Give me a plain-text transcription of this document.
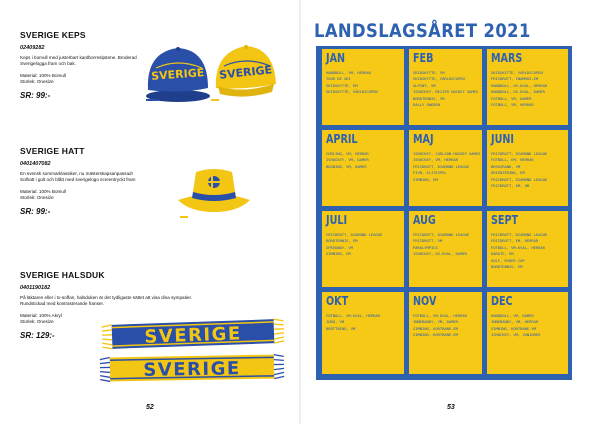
SVERIGE KEPS
02409282
Keps i bomull med justerbart kardborreslpänne. Broderad Sverigelogga fram och bak.
Material: 100% Bomull
Storlek: Onesize
SR: 99:-
SVERIGE SVERIGE
SVERIGE HATT
0401407082
En svensk sommarklassiker, nu mästerskapsanpassad! Solhatt i gult och blått med sverigelogo screentryckt fram
Material: 100% Bomull
Storlek: Onesize
SR: 99:-
SVERIGE HALSDUK
0401190182
På läktaren eller i tv-soffan, halsduken är det tydligaste sättet att visa dina sympatier. Rundstickad med kontrasterande franser.
Material: 100% Akryl
Storlek: Onesize
SR: 129:-	SVERIGE
SVERIGE
52
LANDSLAGSÅRET 2021
JAN
HANDBOLL, VM, HERRAR
TOUR DE SKI
SKIDSKYTTE, EM
SKIDSKYTTE, VÄRLDSCUPEN
FEB
SKIDSKYTTE, VM
SKIDSKYTTE, VÄRLDSCUPEN
ALPINT, VM
ISHOCKEY, BEIJER HOCKEY GAMES
BORDTENNIS, VM
RALLY SWEDEN
MARS
SKIDSKYTTE, VÄRLDSCUPEN
FRIIDROTT, INOMHUS-EM
HANDBOLL, OS-KVAL, HERRAR
HANDBOLL, OS-KVAL, DAMER
FOTBOLL, VM, DAMER
FOTBOLL, VM, HERRAR
APRIL
CURLING, VM, HERRAR
ISHOCKEY, VM, DAMER
BOXNING, VM, DAMER
MAJ
ISHOCKEY, CARLSON HOCKEY GAMES
ISHOCKEY, VM, HERRAR
FRIIDROTT, DIAMOND LEAGUE
FIVB, ELITESPEL
SIMNING, EM
JUNI
FRIIDROTT, DIAMOND LEAGUE
FOTBOLL, EM, HERRAR
BERGSRAND, VM
ORIENTERING, EM
FRIIDROTT, DIAMOND LEAGUE
FRIIDROTT, EM, OM
JULI
FRIIDROTT, DIAMOND LEAGUE
BORDTENNIS, EM
SPEEDWAY, VM
SIMNING, EM
AUG
FRIIDROTT, DIAMOND LEAGUE
FRIIDROTT, VM
PARALYMPICS
ISHOCKEY, OS-KVAL, DAMER
SEPT
FRIIDROTT, DIAMOND LEAGUE
FRIIDROTT, EM, HERRAR
FOTBOLL, VM-KVAL, HERRAR
KARATE, EM
GOLF, RYDER CUP
BORDTENNIS, EM
OKT
FOTBOLL, VM-KVAL, HERRAR
JUDO, VM
BRÖTTNING, VM
NOV
FOTBOLL, VM-KVAL, HERRAR
INNEBANDY, VM, DAMER
SIMNING, KORTBANE-EM
SIMNING, KORTBANE-EM
DEC
HANDBOLL, VM, DAMER
INNEBANDY, VM, HERRAR
SIMNING, KORTBANE-VM
ISHOCKEY, VM, JUNIORER
53
